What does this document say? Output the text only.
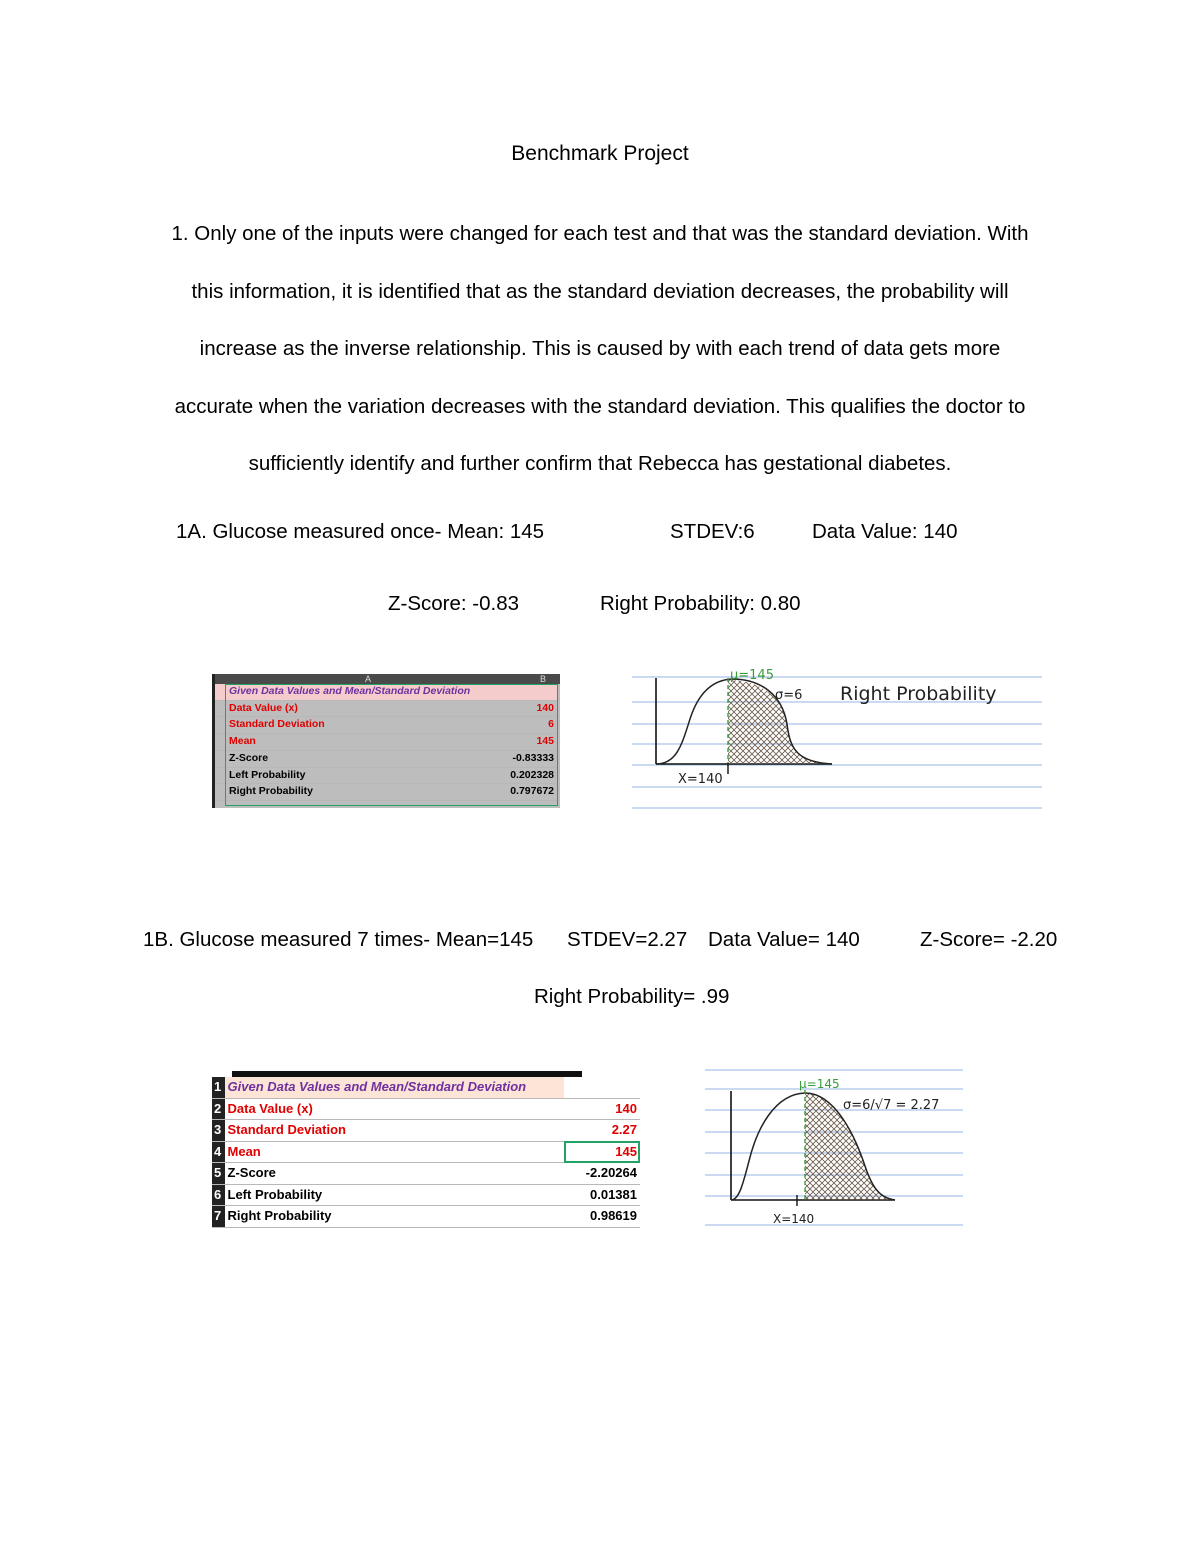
Benchmark Project
1. Only one of the inputs were changed for each test and that was the standard deviation. With
this information, it is identified that as the standard deviation decreases, the probability will
increase as the inverse relationship. This is caused by with each trend of data gets more
accurate when the variation decreases with the standard deviation. This qualifies the doctor to
sufficiently identify and further confirm that Rebecca has gestational diabetes.
1A. Glucose measured once- Mean: 145	STDEV:6	Data Value: 140
Z-Score: -0.83	Right Probability: 0.80
A	B
Given Data Values and Mean/Standard Deviation	
Data Value (x)	140
Standard Deviation	6
Mean	145
Z-Score	-0.83333
Left Probability	0.202328
Right Probability	0.797672
µ=145
σ=6 Right Probability
X=140
1B. Glucose measured 7 times- Mean=145 STDEV=2.27 Data Value= 140	Z-Score= -2.20
Right Probability= .99
1	Given Data Values and Mean/Standard Deviation	
2	Data Value (x)	140
3	Standard Deviation	2.27
4	Mean	145
5	Z-Score	-2.20264
6	Left Probability	0.01381
7	Right Probability	0.98619
µ=145
σ=6/√7 = 2.27
X=140
